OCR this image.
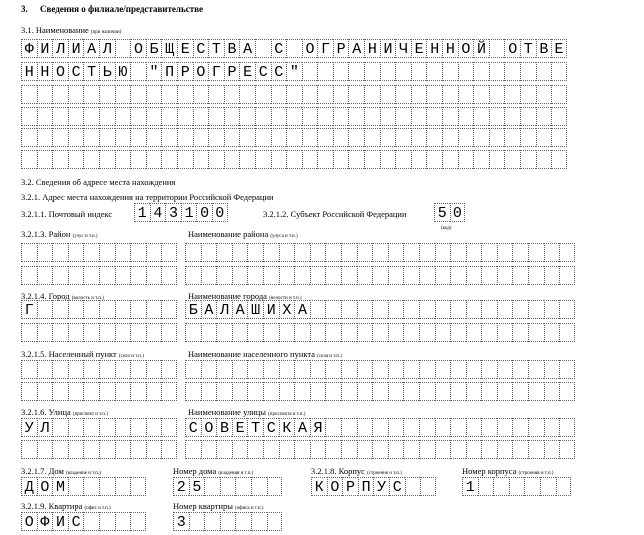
3. Сведения о филиале/представительстве
3.1. Наименование (при наличии)
Ф И Л И А Л О Б Щ Е С Т В А С О Г Р А Н И Ч Е Н Н О Й О Т В Е
Н Н О С Т Ь Ю " П Р О Г Р Е С С "
3.2. Сведения об адресе места нахождения
3.2.1. Адрес места нахождения на территории Российской Федерации
3.2.1.1. Почтовый индекс 1 4 3 1 0 0	3.2.1.2. Субъект Российской Федерации 5 0
(код)
3.2.1.3. Район (улус и т.п.)	Наименование района (улуса и т.п.)
3.2.1.4. Город (волость и т.п.)	Наименование города (волости и т.п.)
Г	Б А Л А Ш И Х А
3.2.1.5. Населенный пункт (село и т.п.)	Наименование населенного пункта (села и т.п.)
3.2.1.6. Улица (проспект и т.п.)	Наименование улицы (проспекта и т.п.)
У Л	С О В Е Т С К А Я
3.2.1.7. Дом (владение и т.п.)	Номер дома (владения и т.п.)	3.2.1.8. Корпус (строение и т.п.)	Номер корпуса (строения и т.п.)
Д О М	2 5	К О Р П У С	1
3.2.1.9. Квартира (офис и т.п.)	Номер квартиры (офиса и т.п.)
О Ф И С	3
